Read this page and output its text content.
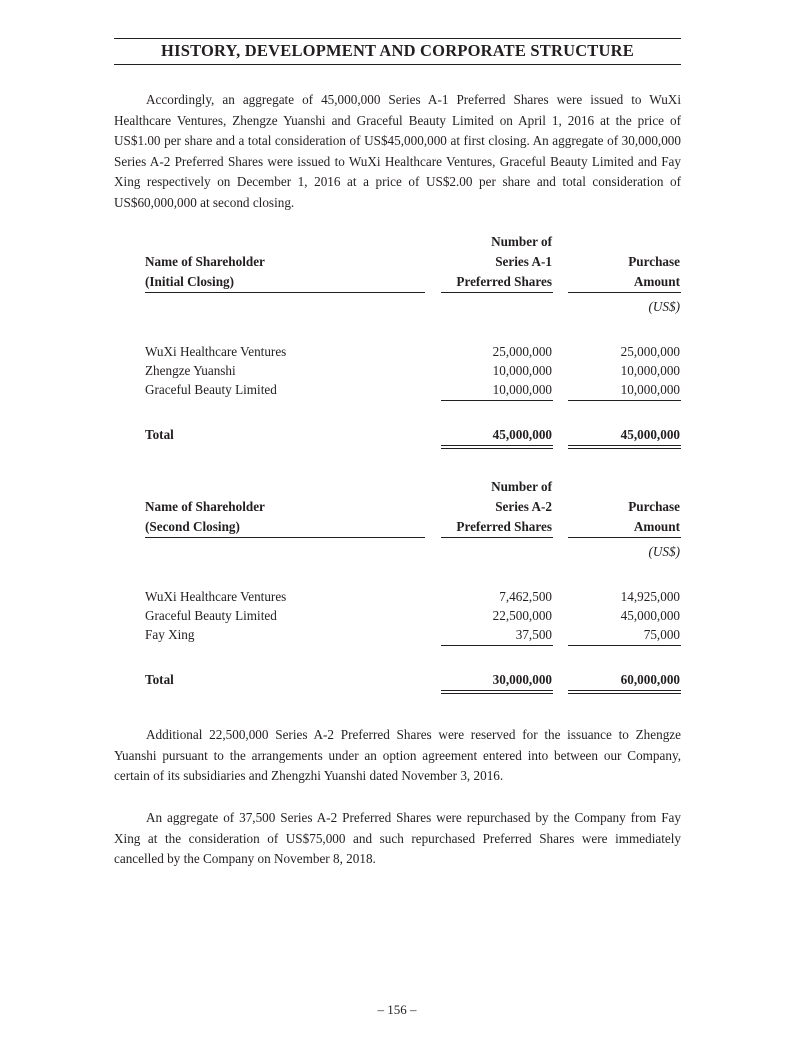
HISTORY, DEVELOPMENT AND CORPORATE STRUCTURE

Accordingly, an aggregate of 45,000,000 Series A-1 Preferred Shares were issued to WuXi Healthcare Ventures, Zhengze Yuanshi and Graceful Beauty Limited on April 1, 2016 at the price of US$1.00 per share and a total consideration of US$45,000,000 at first closing. An aggregate of 30,000,000 Series A-2 Preferred Shares were issued to WuXi Healthcare Ventures, Graceful Beauty Limited and Fay Xing respectively on December 1, 2016 at a price of US$2.00 per share and total consideration of US$60,000,000 at second closing.

Number of
Name of Shareholder	Series A-1	Purchase
(Initial Closing)	Preferred Shares	Amount
(US$)
WuXi Healthcare Ventures	25,000,000	25,000,000
Zhengze Yuanshi	10,000,000	10,000,000
Graceful Beauty Limited	10,000,000	10,000,000
Total	45,000,000	45,000,000
Number of
Name of Shareholder	Series A-2	Purchase
(Second Closing)	Preferred Shares	Amount
(US$)
WuXi Healthcare Ventures	7,462,500	14,925,000
Graceful Beauty Limited	22,500,000	45,000,000
Fay Xing	37,500	75,000
Total	30,000,000	60,000,000

Additional 22,500,000 Series A-2 Preferred Shares were reserved for the issuance to Zhengze Yuanshi pursuant to the arrangements under an option agreement entered into between our Company, certain of its subsidiaries and Zhengzhi Yuanshi dated November 3, 2016.

An aggregate of 37,500 Series A-2 Preferred Shares were repurchased by the Company from Fay Xing at the consideration of US$75,000 and such repurchased Preferred Shares were immediately cancelled by the Company on November 8, 2018.

– 156 –
